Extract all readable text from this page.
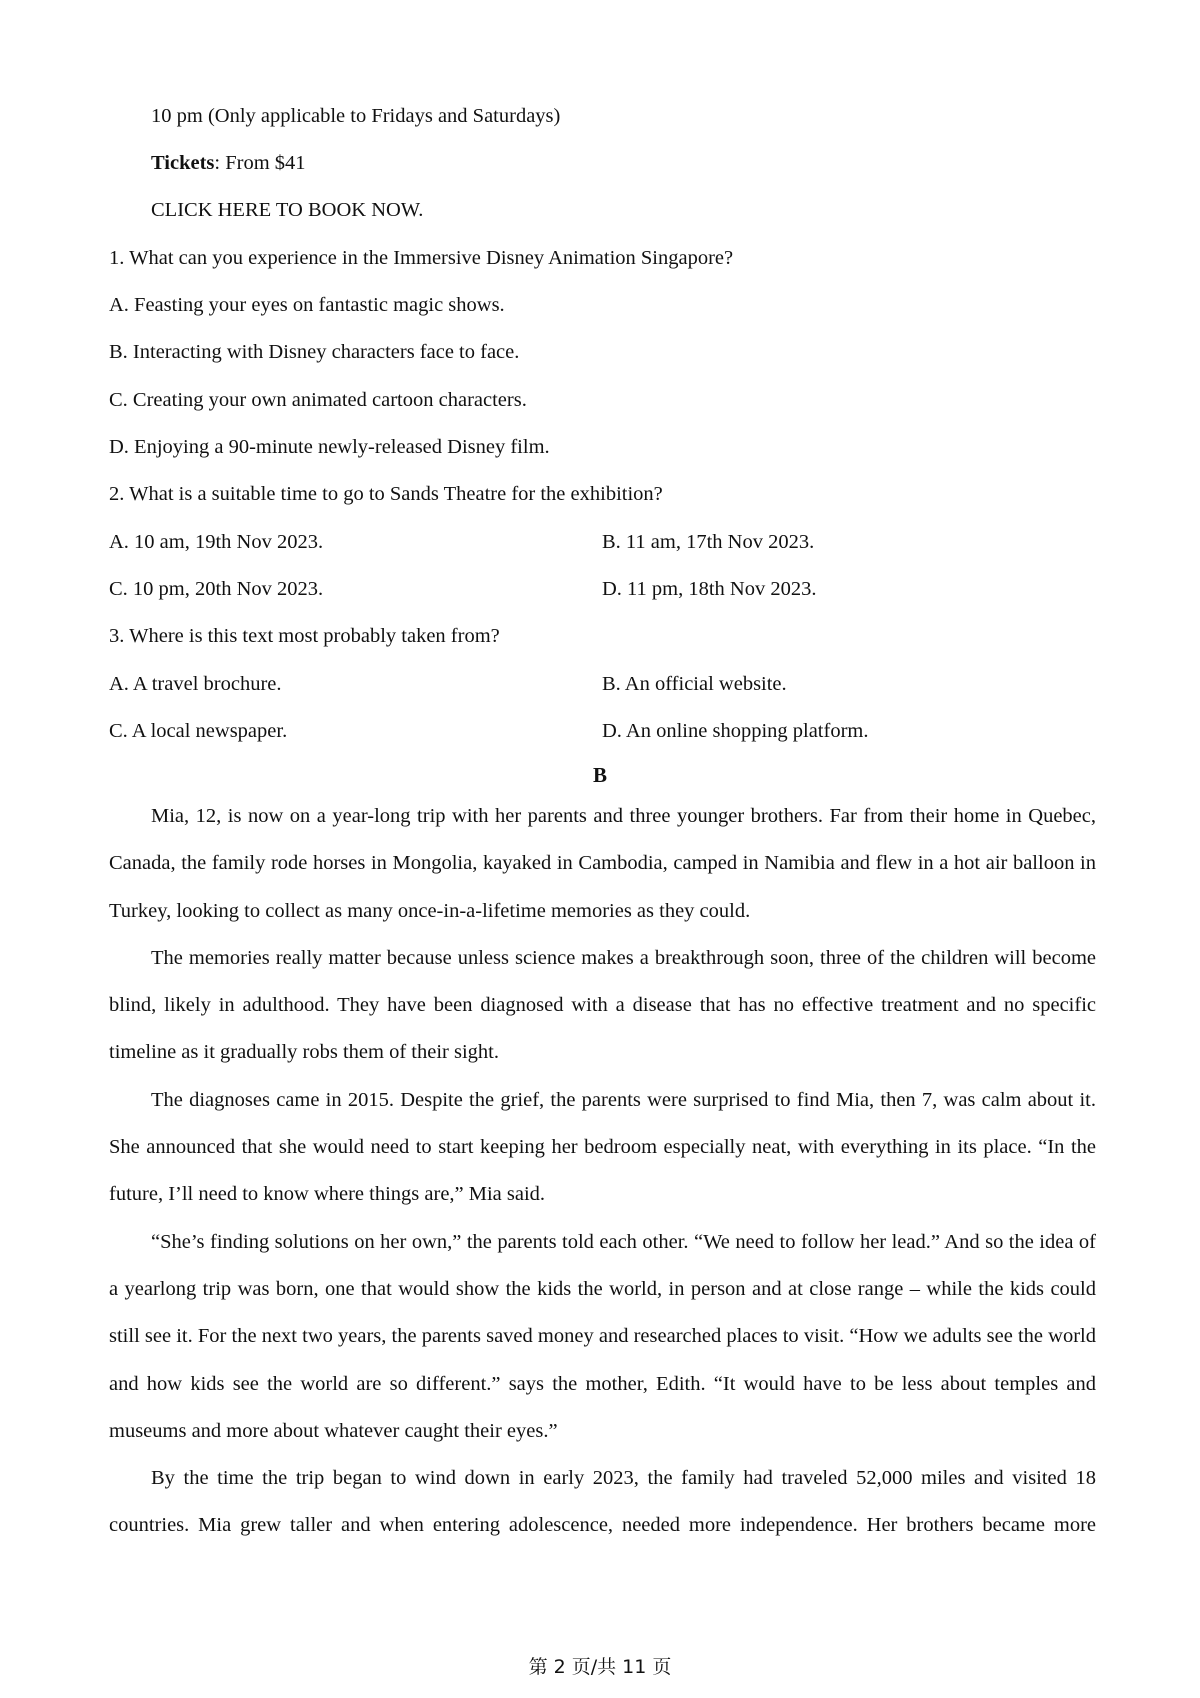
10 pm (Only applicable to Fridays and Saturdays)
Tickets: From $41
CLICK HERE TO BOOK NOW.
1. What can you experience in the Immersive Disney Animation Singapore?
A. Feasting your eyes on fantastic magic shows.
B. Interacting with Disney characters face to face.
C. Creating your own animated cartoon characters.
D. Enjoying a 90-minute newly-released Disney film.
2. What is a suitable time to go to Sands Theatre for the exhibition?
A. 10 am, 19th Nov 2023.	B. 11 am, 17th Nov 2023.
C. 10 pm, 20th Nov 2023.	D. 11 pm, 18th Nov 2023.
3. Where is this text most probably taken from?
A. A travel brochure.	B. An official website.
C. A local newspaper.	D. An online shopping platform.
B

Mia, 12, is now on a year-long trip with her parents and three younger brothers. Far from their home in Quebec, Canada, the family rode horses in Mongolia, kayaked in Cambodia, camped in Namibia and flew in a hot air balloon in Turkey, looking to collect as many once-in-a-lifetime memories as they could.

The memories really matter because unless science makes a breakthrough soon, three of the children will become blind, likely in adulthood. They have been diagnosed with a disease that has no effective treatment and no specific timeline as it gradually robs them of their sight.

The diagnoses came in 2015. Despite the grief, the parents were surprised to find Mia, then 7, was calm about it. She announced that she would need to start keeping her bedroom especially neat, with everything in its place. “In the future, I’ll need to know where things are,” Mia said.

“She’s finding solutions on her own,” the parents told each other. “We need to follow her lead.” And so the idea of a yearlong trip was born, one that would show the kids the world, in person and at close range – while the kids could still see it. For the next two years, the parents saved money and researched places to visit. “How we adults see the world and how kids see the world are so different.” says the mother, Edith. “It would have to be less about temples and museums and more about whatever caught their eyes.”

By the time the trip began to wind down in early 2023, the family had traveled 52,000 miles and visited 18 countries. Mia grew taller and when entering adolescence, needed more independence. Her brothers became more

第 2 页/共 11 页
